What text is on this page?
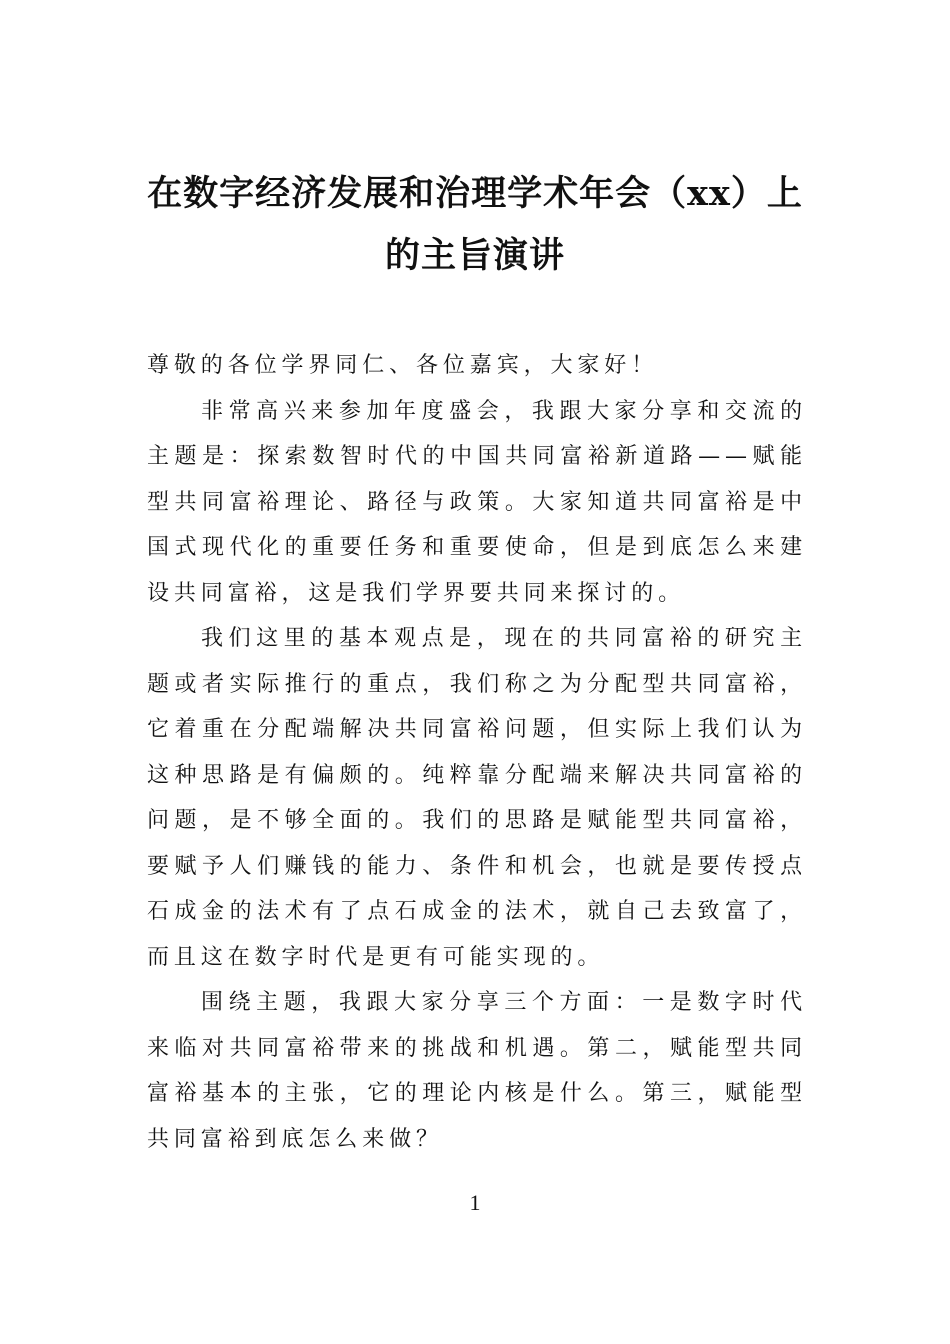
在数字经济发展和治理学术年会（xx）上
的主旨演讲

尊敬的各位学界同仁、各位嘉宾，大家好！

非常高兴来参加年度盛会，我跟大家分享和交流的主题是：探索数智时代的中国共同富裕新道路——赋能型共同富裕理论、路径与政策。大家知道共同富裕是中国式现代化的重要任务和重要使命，但是到底怎么来建设共同富裕，这是我们学界要共同来探讨的。

我们这里的基本观点是，现在的共同富裕的研究主题或者实际推行的重点，我们称之为分配型共同富裕，它着重在分配端解决共同富裕问题，但实际上我们认为这种思路是有偏颇的。纯粹靠分配端来解决共同富裕的问题，是不够全面的。我们的思路是赋能型共同富裕，要赋予人们赚钱的能力、条件和机会，也就是要传授点石成金的法术有了点石成金的法术，就自己去致富了，而且这在数字时代是更有可能实现的。

围绕主题，我跟大家分享三个方面：一是数字时代来临对共同富裕带来的挑战和机遇。第二，赋能型共同富裕基本的主张，它的理论内核是什么。第三，赋能型共同富裕到底怎么来做？

1
